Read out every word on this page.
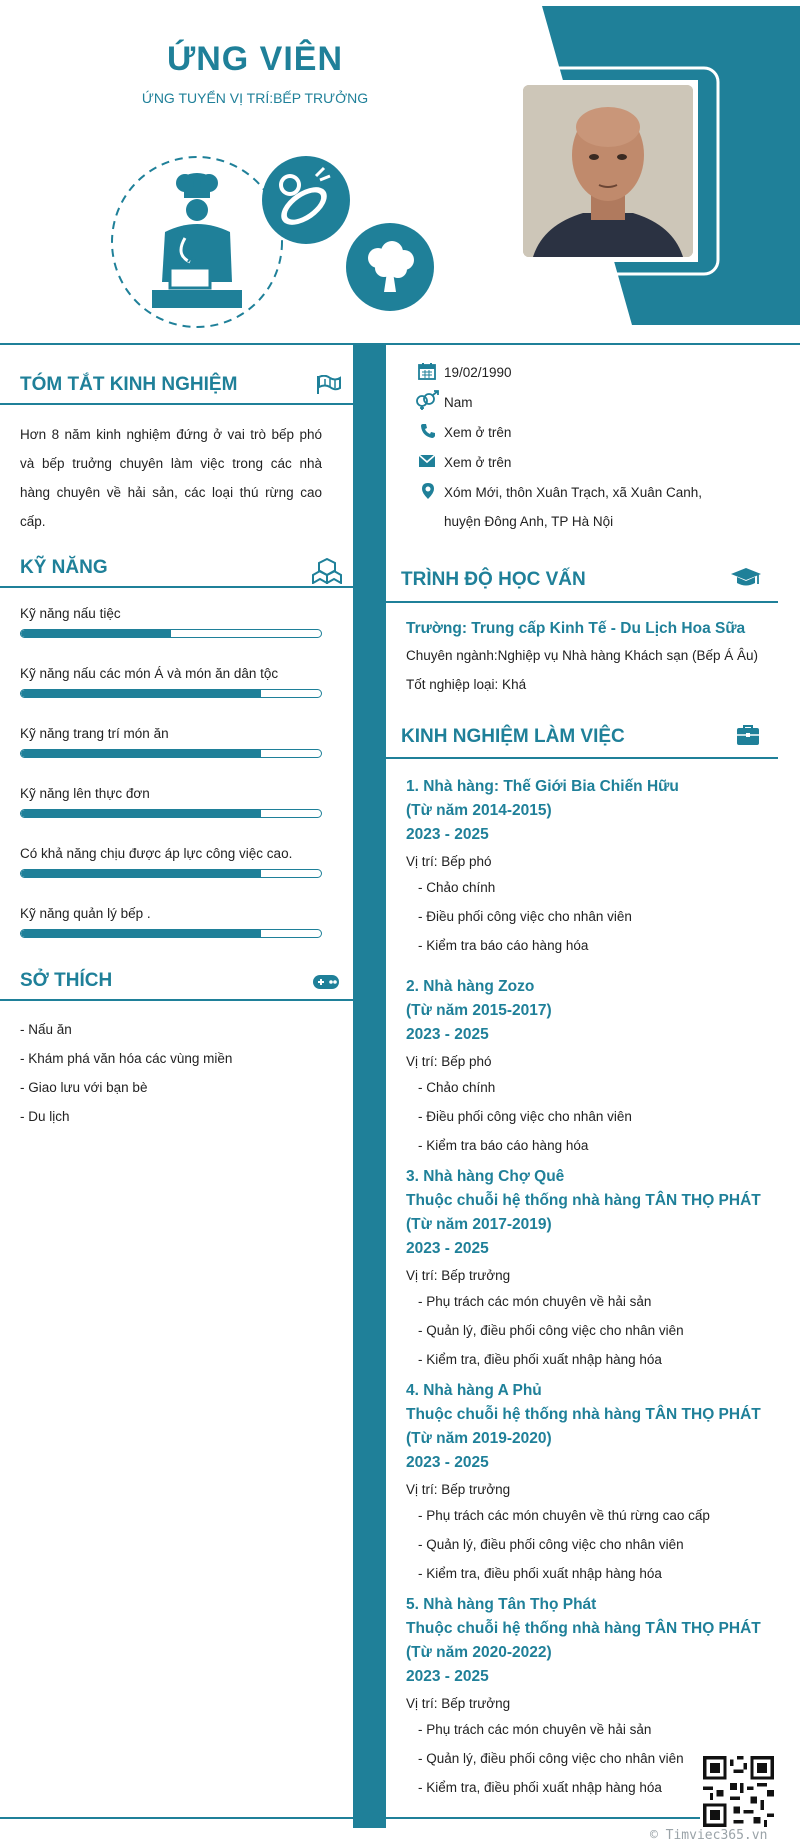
ỨNG VIÊN
ỨNG TUYỂN VỊ TRÍ:BẾP TRƯỞNG
TÓM TẮT KINH NGHIỆM
Hơn 8 năm kinh nghiệm đứng ở vai trò bếp phó và bếp truởng chuyên làm việc trong các nhà hàng chuyên về hải sản, các loại thú rừng cao cấp.
KỸ NĂNG
Kỹ năng nấu tiệc
Kỹ năng nấu các món Á và món ăn dân tộc
Kỹ năng trang trí món ăn
Kỹ năng lên thực đơn
Có khả năng chịu được áp lực công việc cao.
Kỹ năng quản lý bếp .
SỞ THÍCH
- Nấu ăn
- Khám phá văn hóa các vùng miền
- Giao lưu với bạn bè
- Du lịch
19/02/1990
Nam
Xem ở trên
Xem ở trên
Xóm Mới, thôn Xuân Trạch, xã Xuân Canh,
huyện Đông Anh, TP Hà Nội
TRÌNH ĐỘ HỌC VẤN
Trường: Trung cấp Kinh Tế - Du Lịch Hoa Sữa
Chuyên ngành:Nghiệp vụ Nhà hàng Khách sạn (Bếp Á Âu)
Tốt nghiệp loại: Khá
KINH NGHIỆM LÀM VIỆC
1. Nhà hàng: Thế Giới Bia Chiến Hữu
(Từ năm 2014-2015)
2023 - 2025
Vị trí: Bếp phó
- Chảo chính
- Điều phối công việc cho nhân viên
- Kiểm tra báo cáo hàng hóa
2. Nhà hàng Zozo
(Từ năm 2015-2017)
2023 - 2025
Vị trí: Bếp phó
- Chảo chính
- Điều phối công việc cho nhân viên
- Kiểm tra báo cáo hàng hóa
3. Nhà hàng Chợ Quê
Thuộc chuỗi hệ thống nhà hàng TÂN THỌ PHÁT
(Từ năm 2017-2019)
2023 - 2025
Vị trí: Bếp trưởng
- Phụ trách các món chuyên về hải sản
- Quản lý, điều phối công việc cho nhân viên
- Kiểm tra, điều phối xuất nhập hàng hóa
4. Nhà hàng A Phủ
Thuộc chuỗi hệ thống nhà hàng TÂN THỌ PHÁT
(Từ năm 2019-2020)
2023 - 2025
Vị trí: Bếp trưởng
- Phụ trách các món chuyên về thú rừng cao cấp
- Quản lý, điều phối công việc cho nhân viên
- Kiểm tra, điều phối xuất nhập hàng hóa
5. Nhà hàng Tân Thọ Phát
Thuộc chuỗi hệ thống nhà hàng TÂN THỌ PHÁT
(Từ năm 2020-2022)
2023 - 2025
Vị trí: Bếp trưởng
- Phụ trách các món chuyên về hải sản
- Quản lý, điều phối công việc cho nhân viên
- Kiểm tra, điều phối xuất nhập hàng hóa
© Timviec365.vn
